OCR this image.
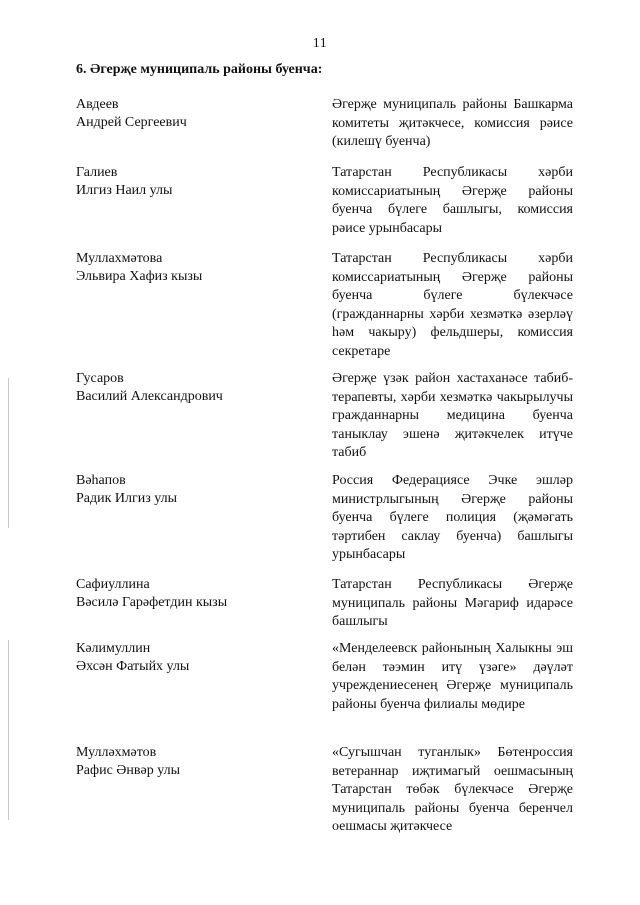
11
6. Әгерҗе муниципаль районы буенча:
Авдеев
Андрей Сергеевич
Әгерҗе муниципаль районы Башкарма комитеты җитәкчесе, комиссия рәисе (килешү буенча)
Галиев
Илгиз Наил улы
Татарстан Республикасы хәрби комиссариатының Әгерҗе районы буенча бүлеге башлыгы, комиссия рәисе урынбасары
Муллахмәтова
Эльвира Хафиз кызы
Татарстан Республикасы хәрби комиссариатының Әгерҗе районы буенча бүлеге бүлекчәсе (гражданнарны хәрби хезмәткә әзерләү һәм чакыру) фельдшеры, комиссия секретаре
Гусаров
Василий Александрович
Әгерҗе үзәк район хастаханәсе табиб-терапевты, хәрби хезмәткә чакырылучы гражданнарны медицина буенча таныклау эшенә җитәкчелек итүче табиб
Вәһапов
Радик Илгиз улы
Россия Федерациясе Эчке эшләр министрлыгының Әгерҗе районы буенча бүлеге полиция (җәмәгать тәртибен саклау буенча) башлыгы урынбасары
Сафиуллина
Вәсилә Гарәфетдин кызы
Татарстан Республикасы Әгерҗе муниципаль районы Мәгариф идарәсе башлыгы
Кәлимуллин
Әхсән Фатыйх улы
«Менделеевск районының Халыкны эш белән тәэмин итү үзәге» дәүләт учреждениесенең Әгерҗе муниципаль районы буенча филиалы мөдире
Мулләхмәтов
Рафис Әнвәр улы
«Сугышчан туганлык» Бөтенроссия ветераннар иҗтимагый оешмасының Татарстан төбәк бүлекчәсе Әгерҗе муниципаль районы буенча беренчел оешмасы җитәкчесе
